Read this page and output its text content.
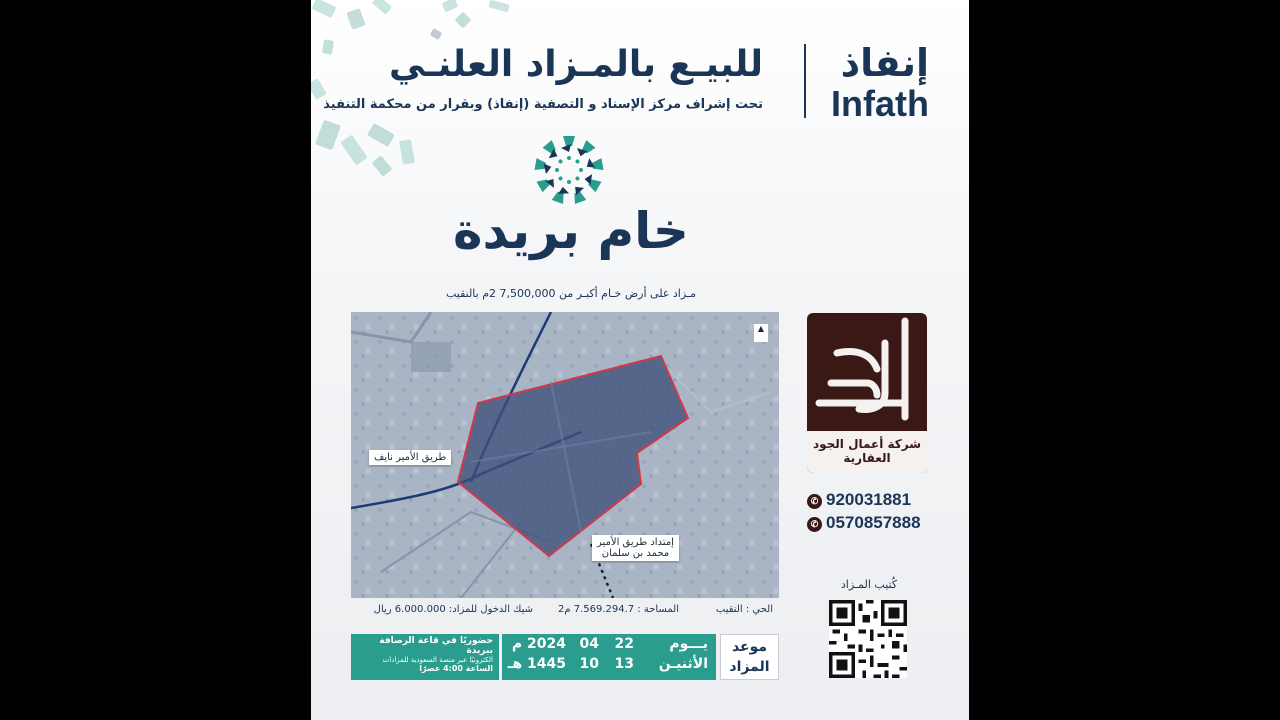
إنفاذ
Infath
للبيـع بالمـزاد العلنـي
تحت إشراف مركز الإسناد و التصفية (إنفاذ) وبقرار من محكمة التنفيذ
خام بريدة
مـزاد على أرض خـام أكبـر من 7,500,000 2م بالنقيب
▲
طريق الأمير نايف
إمتداد طريق الأمير
محمد بن سلمان
الحي : النقيب
المساحة : 7.569.294.7 م2
شيك الدخول للمزاد: 6.000.000 ريال
حضوريًا في قاعة الرصافة ببريدة
الكترونيًا عبر منصة السعودية للمزادات
الساعة 4:00 عصرًا
يـــوم
الأثنيـن
22
13
04
10
2024 م
1445 هـ
موعد
المزاد
شركة أعمال الجود العقارية
✆ 920031881
✆ 0570857888
كُتيب المـزاد
